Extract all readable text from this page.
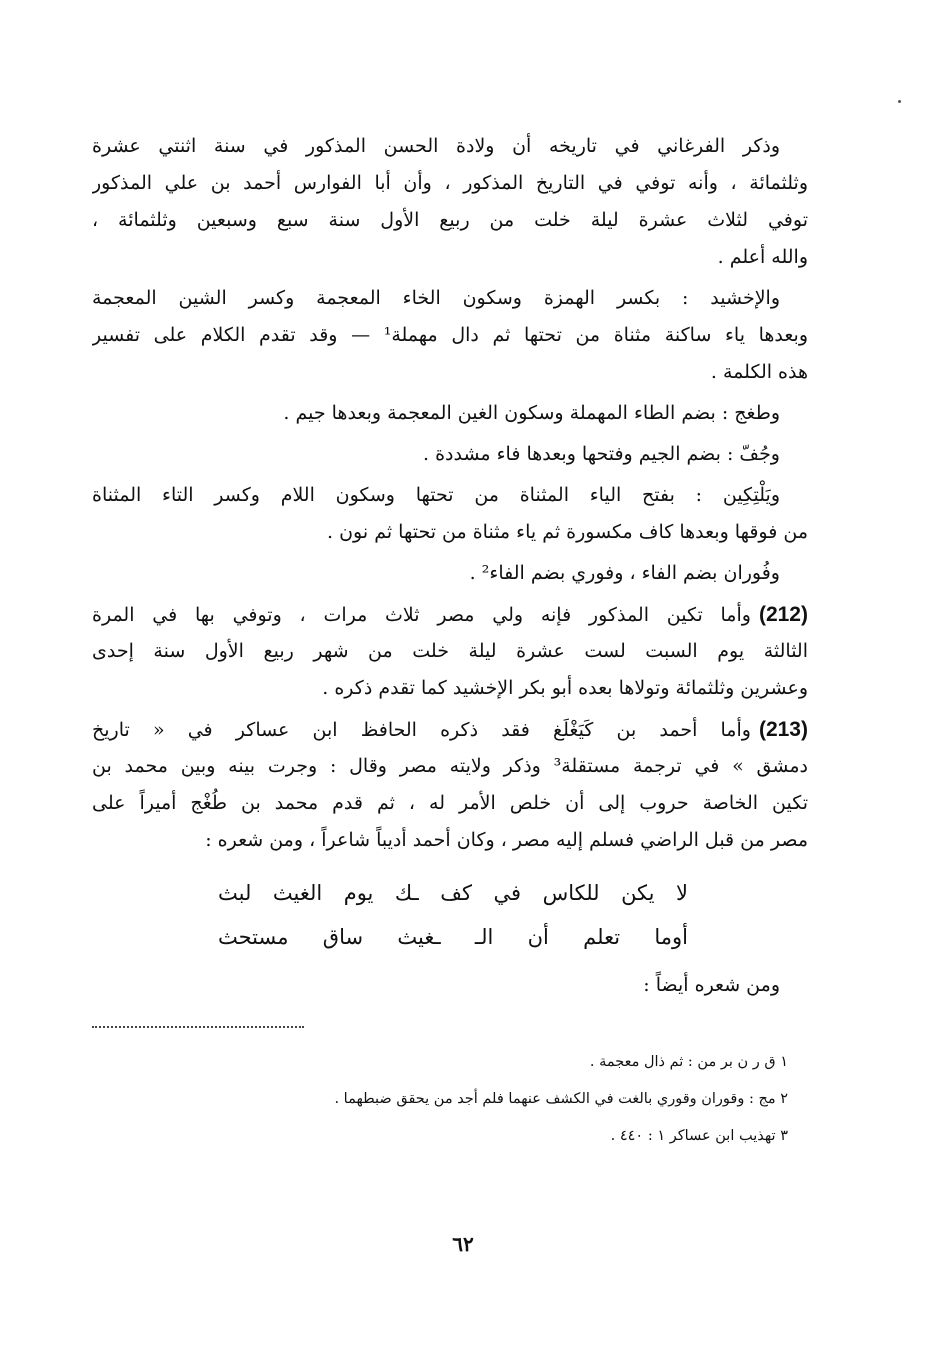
وذكر الفرغاني في تاريخه أن ولادة الحسن المذكور في سنة اثنتي عشرة
وثلثمائة ، وأنه توفي في التاريخ المذكور ، وأن أبا الفوارس أحمد بن علي المذكور
توفي لثلاث عشرة ليلة خلت من ربيع الأول سنة سبع وسبعين وثلثمائة ،
والله أعلم .
والإخشيد : بكسر الهمزة وسكون الخاء المعجمة وكسر الشين المعجمة
وبعدها ياء ساكنة مثناة من تحتها ثم دال مهملة¹ — وقد تقدم الكلام على تفسير
هذه الكلمة .
وطغج : بضم الطاء المهملة وسكون الغين المعجمة وبعدها جيم .
وجُفّ : بضم الجيم وفتحها وبعدها فاء مشددة .
ويَلْتِكِين : بفتح الياء المثناة من تحتها وسكون اللام وكسر التاء المثناة
من فوقها وبعدها كاف مكسورة ثم ياء مثناة من تحتها ثم نون .
وفُوران بضم الفاء ، وفوري بضم الفاء² .
(212)وأما تكين المذكور فإنه ولي مصر ثلاث مرات ، وتوفي بها في المرة
الثالثة يوم السبت لست عشرة ليلة خلت من شهر ربيع الأول سنة إحدى
وعشرين وثلثمائة وتولاها بعده أبو بكر الإخشيد كما تقدم ذكره .
(213)وأما أحمد بن كَيَغْلَغ فقد ذكره الحافظ ابن عساكر في « تاريخ
دمشق » في ترجمة مستقلة³ وذكر ولايته مصر وقال : وجرت بينه وبين محمد بن
تكين الخاصة حروب إلى أن خلص الأمر له ، ثم قدم محمد بن طُغْج أميراً على
مصر من قبل الراضي فسلم إليه مصر ، وكان أحمد أديباً شاعراً ، ومن شعره :
لا يكن للكاس في كف ـك يوم الغيث لبث
أوما تعلم أن الـ ـغيث ساق مستحث
ومن شعره أيضاً :
١ ق ر ن بر من : ثم ذال معجمة .
٢ مج : وقوران وقوري بالغت في الكشف عنهما فلم أجد من يحقق ضبطهما .
٣ تهذيب ابن عساكر ١ : ٤٤٠ .
٦٢
